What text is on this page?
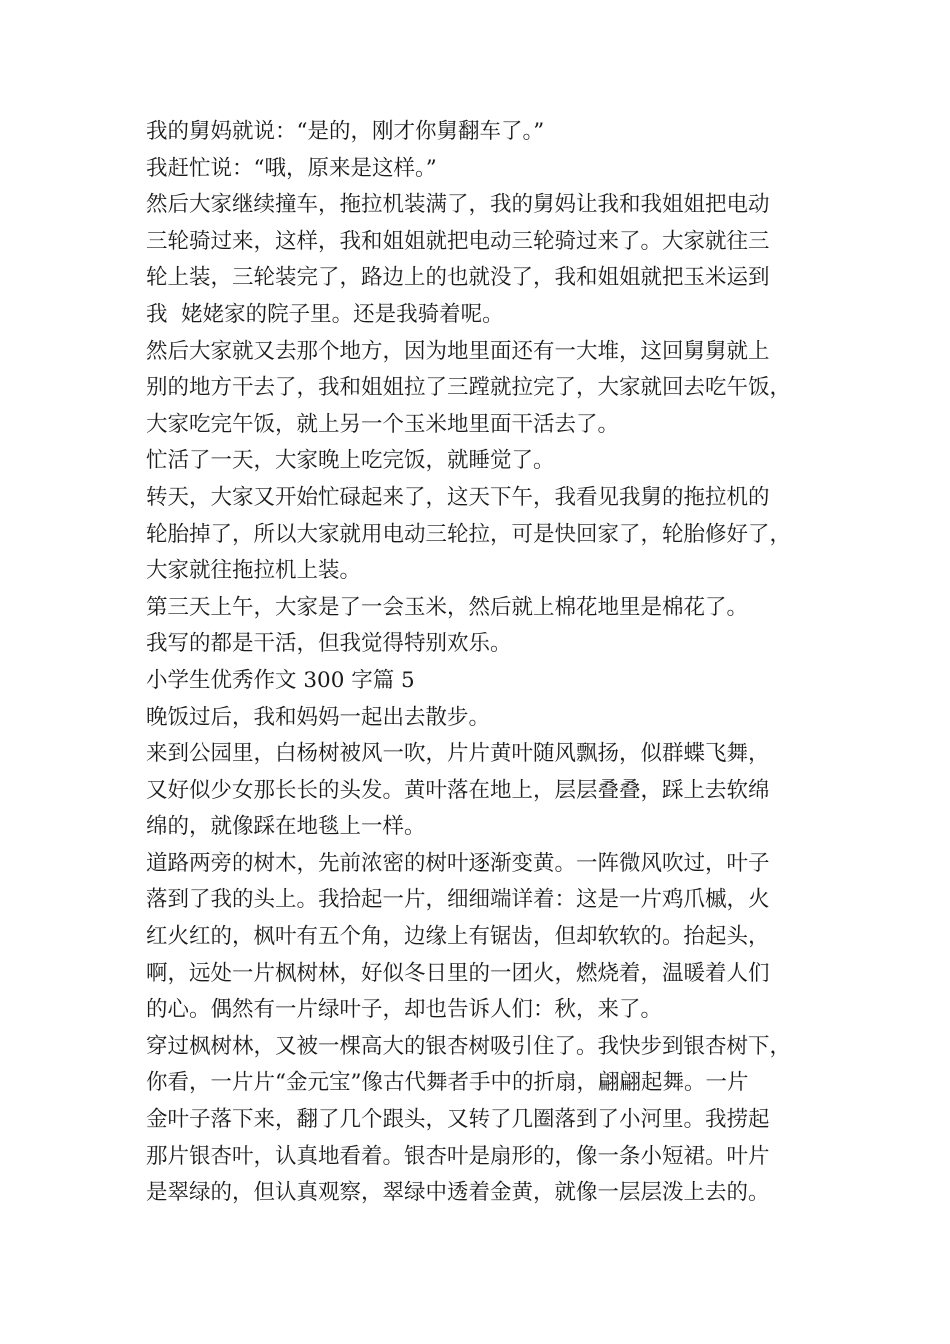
我的舅妈就说：“是的，刚才你舅翻车了。”
我赶忙说：“哦，原来是这样。”
然后大家继续撞车，拖拉机装满了，我的舅妈让我和我姐姐把电动
三轮骑过来，这样，我和姐姐就把电动三轮骑过来了。大家就往三
轮上装，三轮装完了，路边上的也就没了，我和姐姐就把玉米运到
我  姥姥家的院子里。还是我骑着呢。
然后大家就又去那个地方，因为地里面还有一大堆，这回舅舅就上
别的地方干去了，我和姐姐拉了三蹚就拉完了，大家就回去吃午饭，
大家吃完午饭，就上另一个玉米地里面干活去了。
忙活了一天，大家晚上吃完饭，就睡觉了。
转天，大家又开始忙碌起来了，这天下午，我看见我舅的拖拉机的
轮胎掉了，所以大家就用电动三轮拉，可是快回家了，轮胎修好了，
大家就往拖拉机上装。
第三天上午，大家是了一会玉米，然后就上棉花地里是棉花了。
我写的都是干活，但我觉得特别欢乐。
小学生优秀作文 300 字篇 5
晚饭过后，我和妈妈一起出去散步。
来到公园里，白杨树被风一吹，片片黄叶随风飘扬，似群蝶飞舞，
又好似少女那长长的头发。黄叶落在地上，层层叠叠，踩上去软绵
绵的，就像踩在地毯上一样。
道路两旁的树木，先前浓密的树叶逐渐变黄。一阵微风吹过，叶子
落到了我的头上。我拾起一片，细细端详着：这是一片鸡爪槭，火
红火红的，枫叶有五个角，边缘上有锯齿，但却软软的。抬起头，
啊，远处一片枫树林，好似冬日里的一团火，燃烧着，温暖着人们
的心。偶然有一片绿叶子，却也告诉人们：秋，来了。
穿过枫树林，又被一棵高大的银杏树吸引住了。我快步到银杏树下，
你看，一片片“金元宝”像古代舞者手中的折扇，翩翩起舞。一片
金叶子落下来，翻了几个跟头，又转了几圈落到了小河里。我捞起
那片银杏叶，认真地看着。银杏叶是扇形的，像一条小短裙。叶片
是翠绿的，但认真观察，翠绿中透着金黄，就像一层层泼上去的。
